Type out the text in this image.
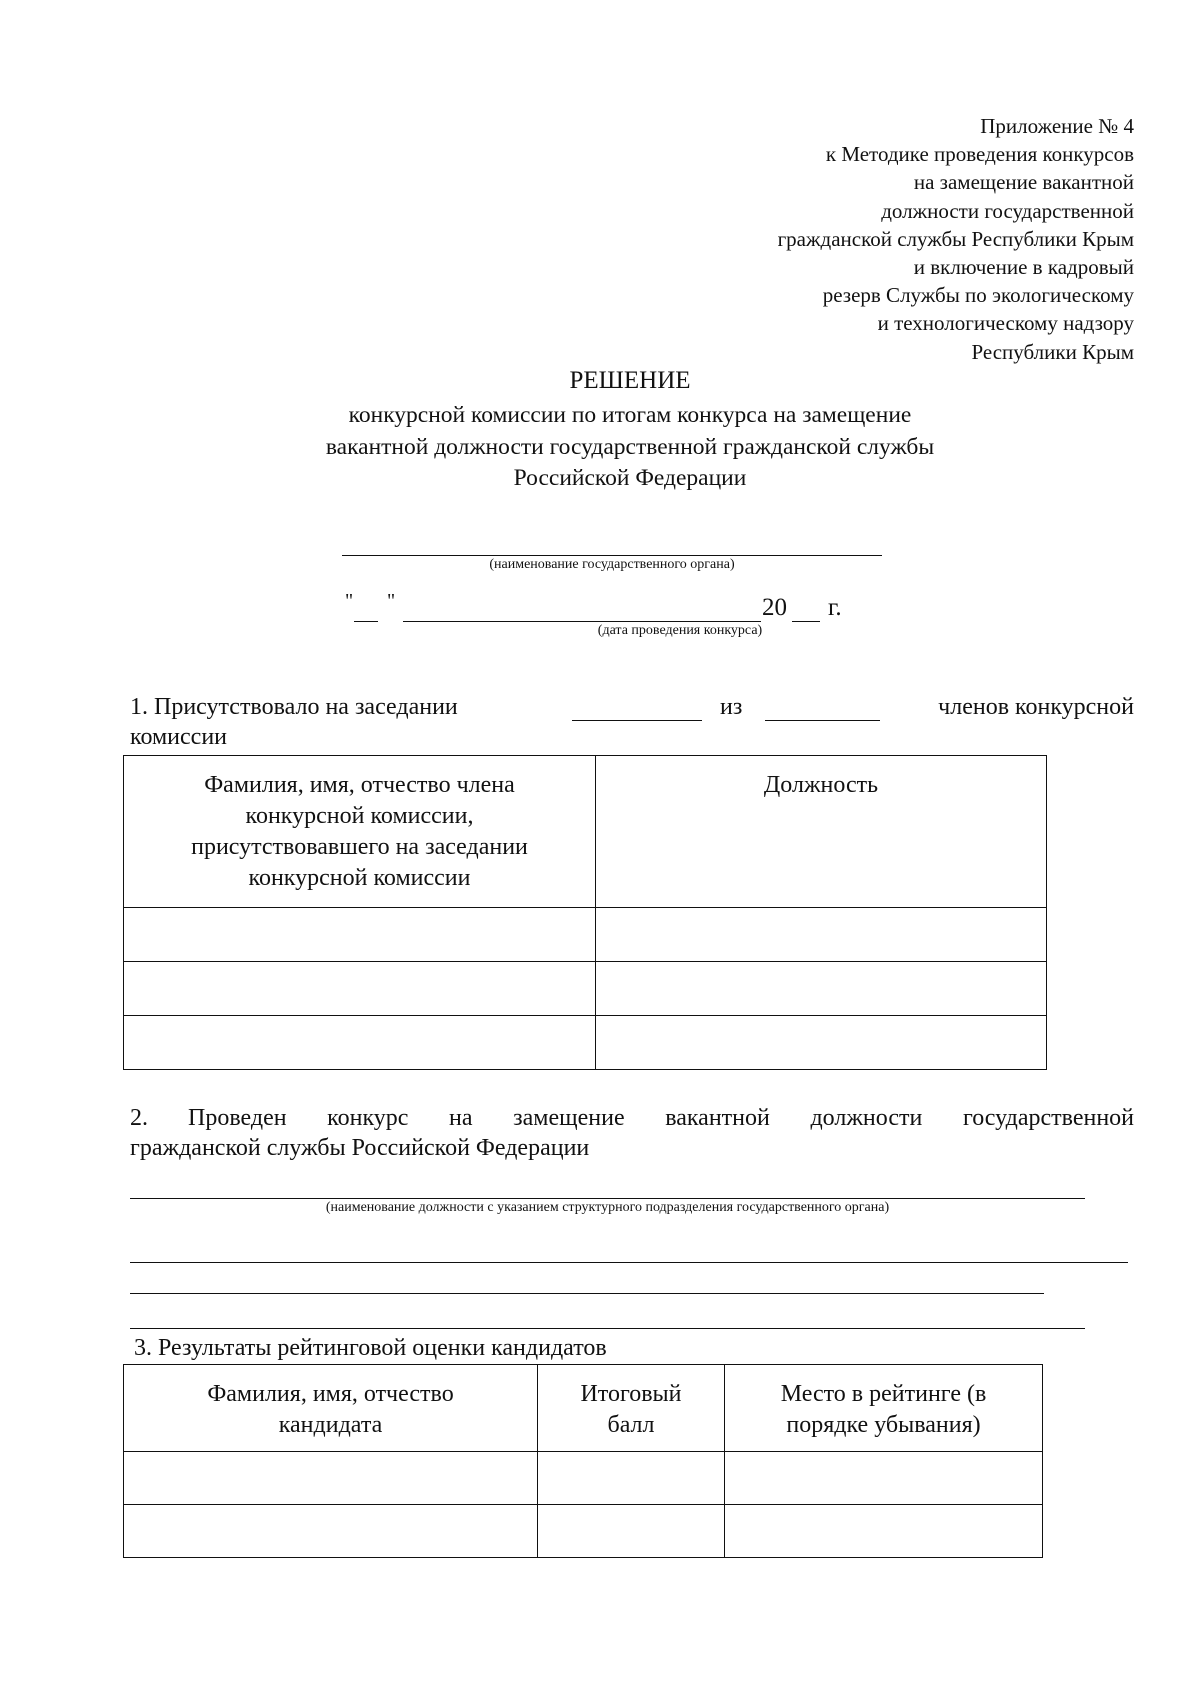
Приложение № 4
к Методике проведения конкурсов
на замещение вакантной
должности государственной
гражданской службы Республики Крым
и включение в кадровый
резерв Службы по экологическому
и технологическому надзору
Республики Крым
РЕШЕНИЕ
конкурсной комиссии по итогам конкурса на замещение
вакантной должности государственной гражданской службы
Российской Федерации
(наименование государственного органа)
" "	20 г.
(дата проведения конкурса)
1. Присутствовало на заседании	из	членов конкурсной
комиссии
Фамилия, имя, отчество члена конкурсной комиссии, присутствовавшего на заседании конкурсной комиссии	Должность

2. Проведен конкурс на замещение вакантной должности государственной
гражданской службы Российской Федерации
(наименование должности с указанием структурного подразделения государственного органа)
3. Результаты рейтинговой оценки кандидатов
Фамилия, имя, отчество кандидата	Итоговый балл	Место в рейтинге (в порядке убывания)
